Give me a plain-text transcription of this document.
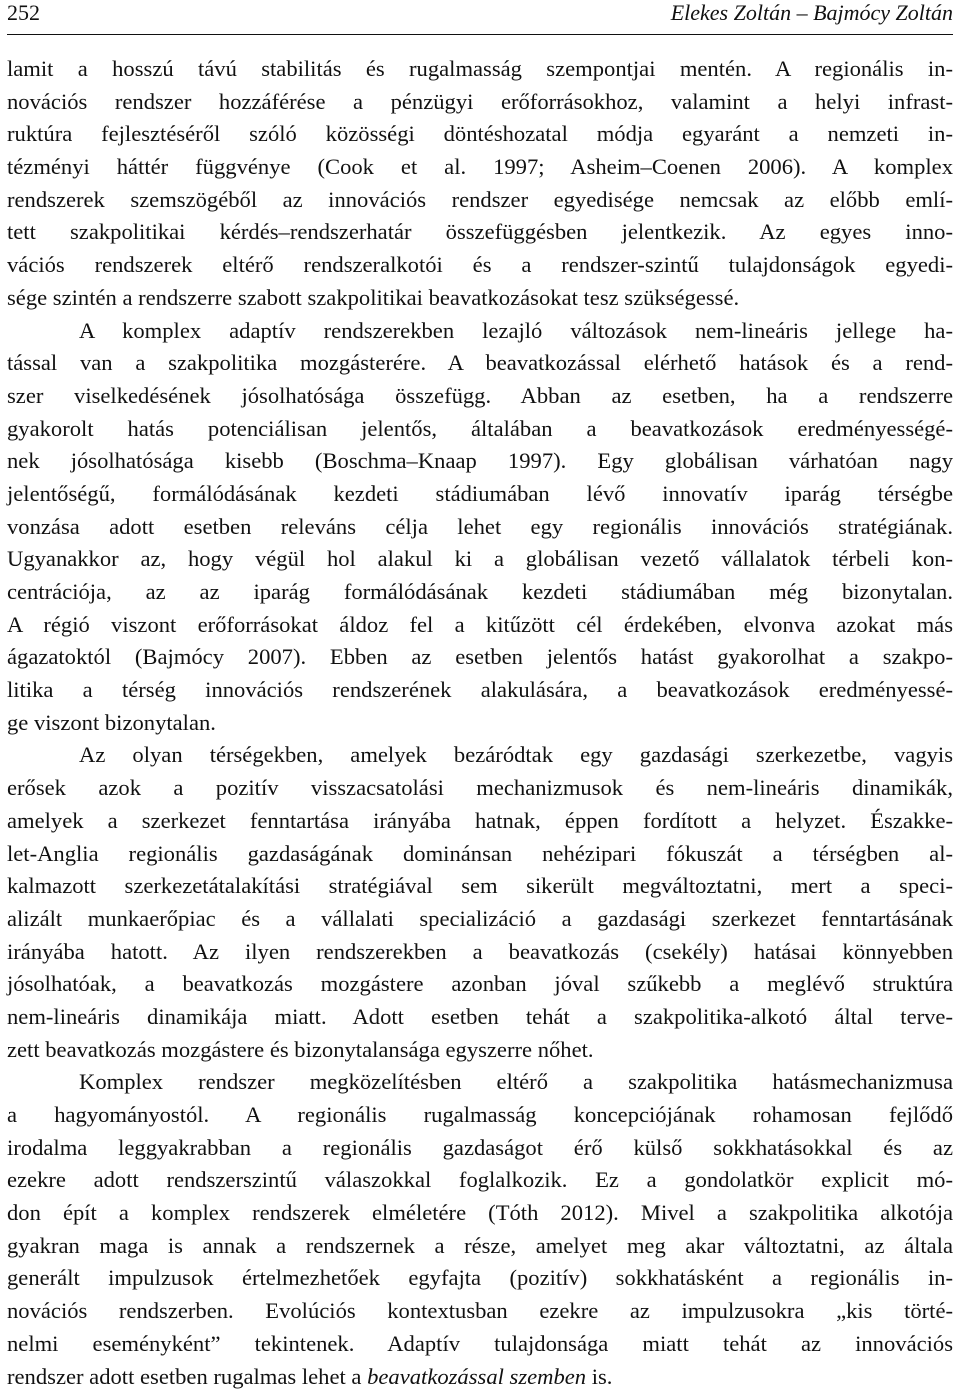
252	Elekes Zoltán – Bajmócy Zoltán
lamit a hosszú távú stabilitás és rugalmasság szempontjai mentén. A regionális in-
novációs rendszer hozzáférése a pénzügyi erőforrásokhoz, valamint a helyi infrast-
ruktúra fejlesztéséről szóló közösségi döntéshozatal módja egyaránt a nemzeti in-
tézményi háttér függvénye (Cook et al. 1997; Asheim–Coenen 2006). A komplex
rendszerek szemszögéből az innovációs rendszer egyedisége nemcsak az előbb emlí-
tett szakpolitikai kérdés–rendszerhatár összefüggésben jelentkezik. Az egyes inno-
vációs rendszerek eltérő rendszeralkotói és a rendszer-szintű tulajdonságok egyedi-
sége szintén a rendszerre szabott szakpolitikai beavatkozásokat tesz szükségessé.
A komplex adaptív rendszerekben lezajló változások nem-lineáris jellege ha-
tással van a szakpolitika mozgásterére. A beavatkozással elérhető hatások és a rend-
szer viselkedésének jósolhatósága összefügg. Abban az esetben, ha a rendszerre
gyakorolt hatás potenciálisan jelentős, általában a beavatkozások eredményességé-
nek jósolhatósága kisebb (Boschma–Knaap 1997). Egy globálisan várhatóan nagy
jelentőségű, formálódásának kezdeti stádiumában lévő innovatív iparág térségbe
vonzása adott esetben releváns célja lehet egy regionális innovációs stratégiának.
Ugyanakkor az, hogy végül hol alakul ki a globálisan vezető vállalatok térbeli kon-
centrációja, az az iparág formálódásának kezdeti stádiumában még bizonytalan.
A régió viszont erőforrásokat áldoz fel a kitűzött cél érdekében, elvonva azokat más
ágazatoktól (Bajmócy 2007). Ebben az esetben jelentős hatást gyakorolhat a szakpo-
litika a térség innovációs rendszerének alakulására, a beavatkozások eredményessé-
ge viszont bizonytalan.
Az olyan térségekben, amelyek bezáródtak egy gazdasági szerkezetbe, vagyis
erősek azok a pozitív visszacsatolási mechanizmusok és nem-lineáris dinamikák,
amelyek a szerkezet fenntartása irányába hatnak, éppen fordított a helyzet. Északke-
let-Anglia regionális gazdaságának dominánsan nehézipari fókuszát a térségben al-
kalmazott szerkezetátalakítási stratégiával sem sikerült megváltoztatni, mert a speci-
alizált munkaerőpiac és a vállalati specializáció a gazdasági szerkezet fenntartásának
irányába hatott. Az ilyen rendszerekben a beavatkozás (csekély) hatásai könnyebben
jósolhatóak, a beavatkozás mozgástere azonban jóval szűkebb a meglévő struktúra
nem-lineáris dinamikája miatt. Adott esetben tehát a szakpolitika-alkotó által terve-
zett beavatkozás mozgástere és bizonytalansága egyszerre nőhet.
Komplex rendszer megközelítésben eltérő a szakpolitika hatásmechanizmusa
a hagyományostól. A regionális rugalmasság koncepciójának rohamosan fejlődő
irodalma leggyakrabban a regionális gazdaságot érő külső sokkhatásokkal és az
ezekre adott rendszerszintű válaszokkal foglalkozik. Ez a gondolatkör explicit mó-
don épít a komplex rendszerek elméletére (Tóth 2012). Mivel a szakpolitika alkotója
gyakran maga is annak a rendszernek a része, amelyet meg akar változtatni, az általa
generált impulzusok értelmezhetőek egyfajta (pozitív) sokkhatásként a regionális in-
novációs rendszerben. Evolúciós kontextusban ezekre az impulzusokra „kis törté-
nelmi eseményként” tekintenek. Adaptív tulajdonsága miatt tehát az innovációs
rendszer adott esetben rugalmas lehet a beavatkozással szemben is.
